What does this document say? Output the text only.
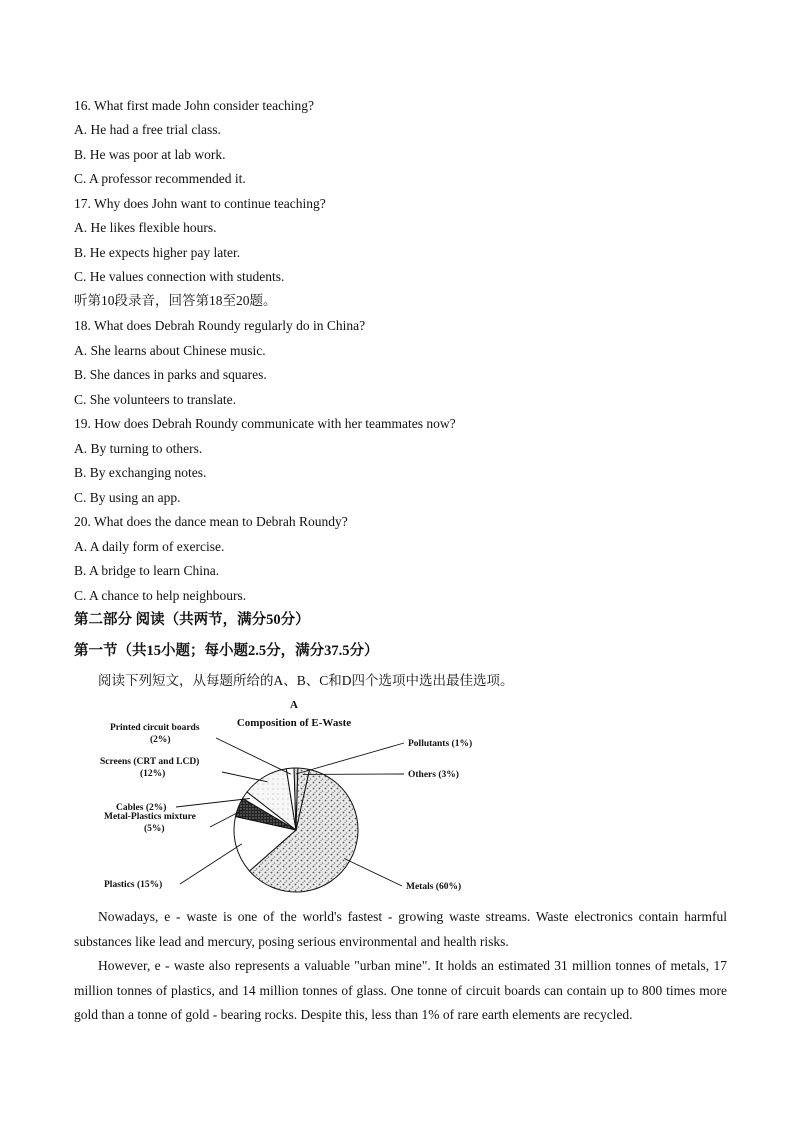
16. What first made John consider teaching?
A. He had a free trial class.
B. He was poor at lab work.
C. A professor recommended it.
17. Why does John want to continue teaching?
A. He likes flexible hours.
B. He expects higher pay later.
C. He values connection with students.
听第10段录音，回答第18至20题。
18. What does Debrah Roundy regularly do in China?
A. She learns about Chinese music.
B. She dances in parks and squares.
C. She volunteers to translate.
19. How does Debrah Roundy communicate with her teammates now?
A. By turning to others.
B. By exchanging notes.
C. By using an app.
20. What does the dance mean to Debrah Roundy?
A. A daily form of exercise.
B. A bridge to learn China.
C. A chance to help neighbours.
第二部分 阅读（共两节，满分50分）
第一节（共15小题；每小题2.5分，满分37.5分）
阅读下列短文，从每题所给的A、B、C和D四个选项中选出最佳选项。
A
Composition of E-Waste
Metals (60%)
Plastics (15%)
Metal-Plastics mixture (5%)
Cables (2%)
Screens (CRT and LCD) (12%)
Printed circuit boards (2%)	Pollutants (1%)
Others (3%)
Nowadays, e - waste is one of the world's fastest - growing waste streams. Waste electronics contain harmful substances like lead and mercury, posing serious environmental and health risks.
However, e - waste also represents a valuable "urban mine". It holds an estimated 31 million tonnes of metals, 17 million tonnes of plastics, and 14 million tonnes of glass. One tonne of circuit boards can contain up to 800 times more gold than a tonne of gold - bearing rocks. Despite this, less than 1% of rare earth elements are recycled.
